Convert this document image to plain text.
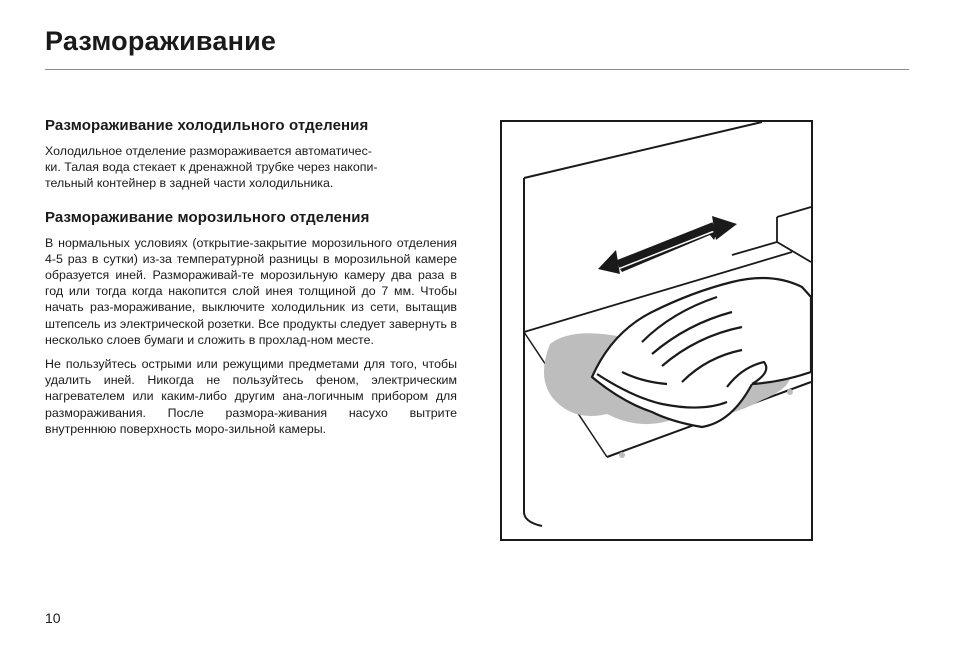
Размораживание
Размораживание холодильного отделения

Холодильное отделение размораживается автоматичес-
ки. Талая вода стекает к дренажной трубке через накопи-
тельный контейнер в задней части холодильника.

Размораживание морозильного отделения

В нормальных условиях (открытие-закрытие морозильного отделения 4-5 раз в сутки) из-за температурной разницы в морозильной камере образуется иней. Размораживай-те морозильную камеру два раза в год или тогда когда накопится слой инея толщиной до 7 мм. Чтобы начать раз-мораживание, выключите холодильник из сети, вытащив штепсель из электрической розетки. Все продукты следует завернуть в несколько слоев бумаги и сложить в прохлад-ном месте.

Не пользуйтесь острыми или режущими предметами для того, чтобы удалить иней. Никогда не пользуйтесь феном, электрическим нагревателем или каким-либо другим ана-логичным прибором для размораживания. После размора-живания насухо вытрите внутреннюю поверхность моро-зильной камеры.

10
